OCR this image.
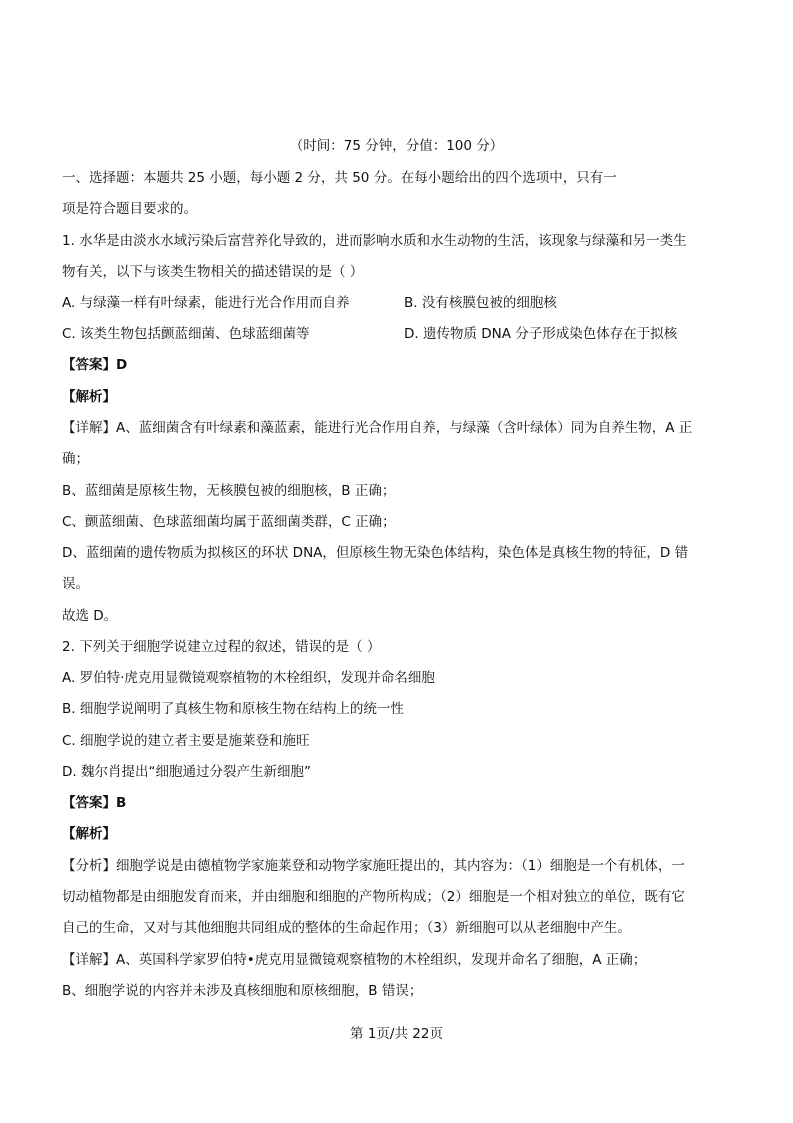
（时间：75 分钟，分值：100 分）
一、选择题：本题共 25 小题，每小题 2 分，共 50 分。在每小题给出的四个选项中，只有一
项是符合题目要求的。
1. 水华是由淡水水域污染后富营养化导致的，进而影响水质和水生动物的生活，该现象与绿藻和另一类生
物有关，以下与该类生物相关的描述错误的是（ ）
A. 与绿藻一样有叶绿素，能进行光合作用而自养	B. 没有核膜包被的细胞核
C. 该类生物包括颤蓝细菌、色球蓝细菌等	D. 遗传物质 DNA 分子形成染色体存在于拟核
【答案】D
【解析】
【详解】A、蓝细菌含有叶绿素和藻蓝素，能进行光合作用自养，与绿藻（含叶绿体）同为自养生物，A 正
确；
B、蓝细菌是原核生物，无核膜包被的细胞核，B 正确；
C、颤蓝细菌、色球蓝细菌均属于蓝细菌类群，C 正确；
D、蓝细菌的遗传物质为拟核区的环状 DNA，但原核生物无染色体结构，染色体是真核生物的特征，D 错
误。
故选 D。
2. 下列关于细胞学说建立过程的叙述，错误的是（ ）
A. 罗伯特·虎克用显微镜观察植物的木栓组织，发现并命名细胞
B. 细胞学说阐明了真核生物和原核生物在结构上的统一性
C. 细胞学说的建立者主要是施莱登和施旺
D. 魏尔肖提出“细胞通过分裂产生新细胞”
【答案】B
【解析】
【分析】细胞学说是由德植物学家施莱登和动物学家施旺提出的，其内容为：（1）细胞是一个有机体，一
切动植物都是由细胞发育而来，并由细胞和细胞的产物所构成；（2）细胞是一个相对独立的单位，既有它
自己的生命，又对与其他细胞共同组成的整体的生命起作用；（3）新细胞可以从老细胞中产生。
【详解】A、英国科学家罗伯特•虎克用显微镜观察植物的木栓组织，发现并命名了细胞，A 正确；
B、细胞学说的内容并未涉及真核细胞和原核细胞，B 错误；
第 1页/共 22页
